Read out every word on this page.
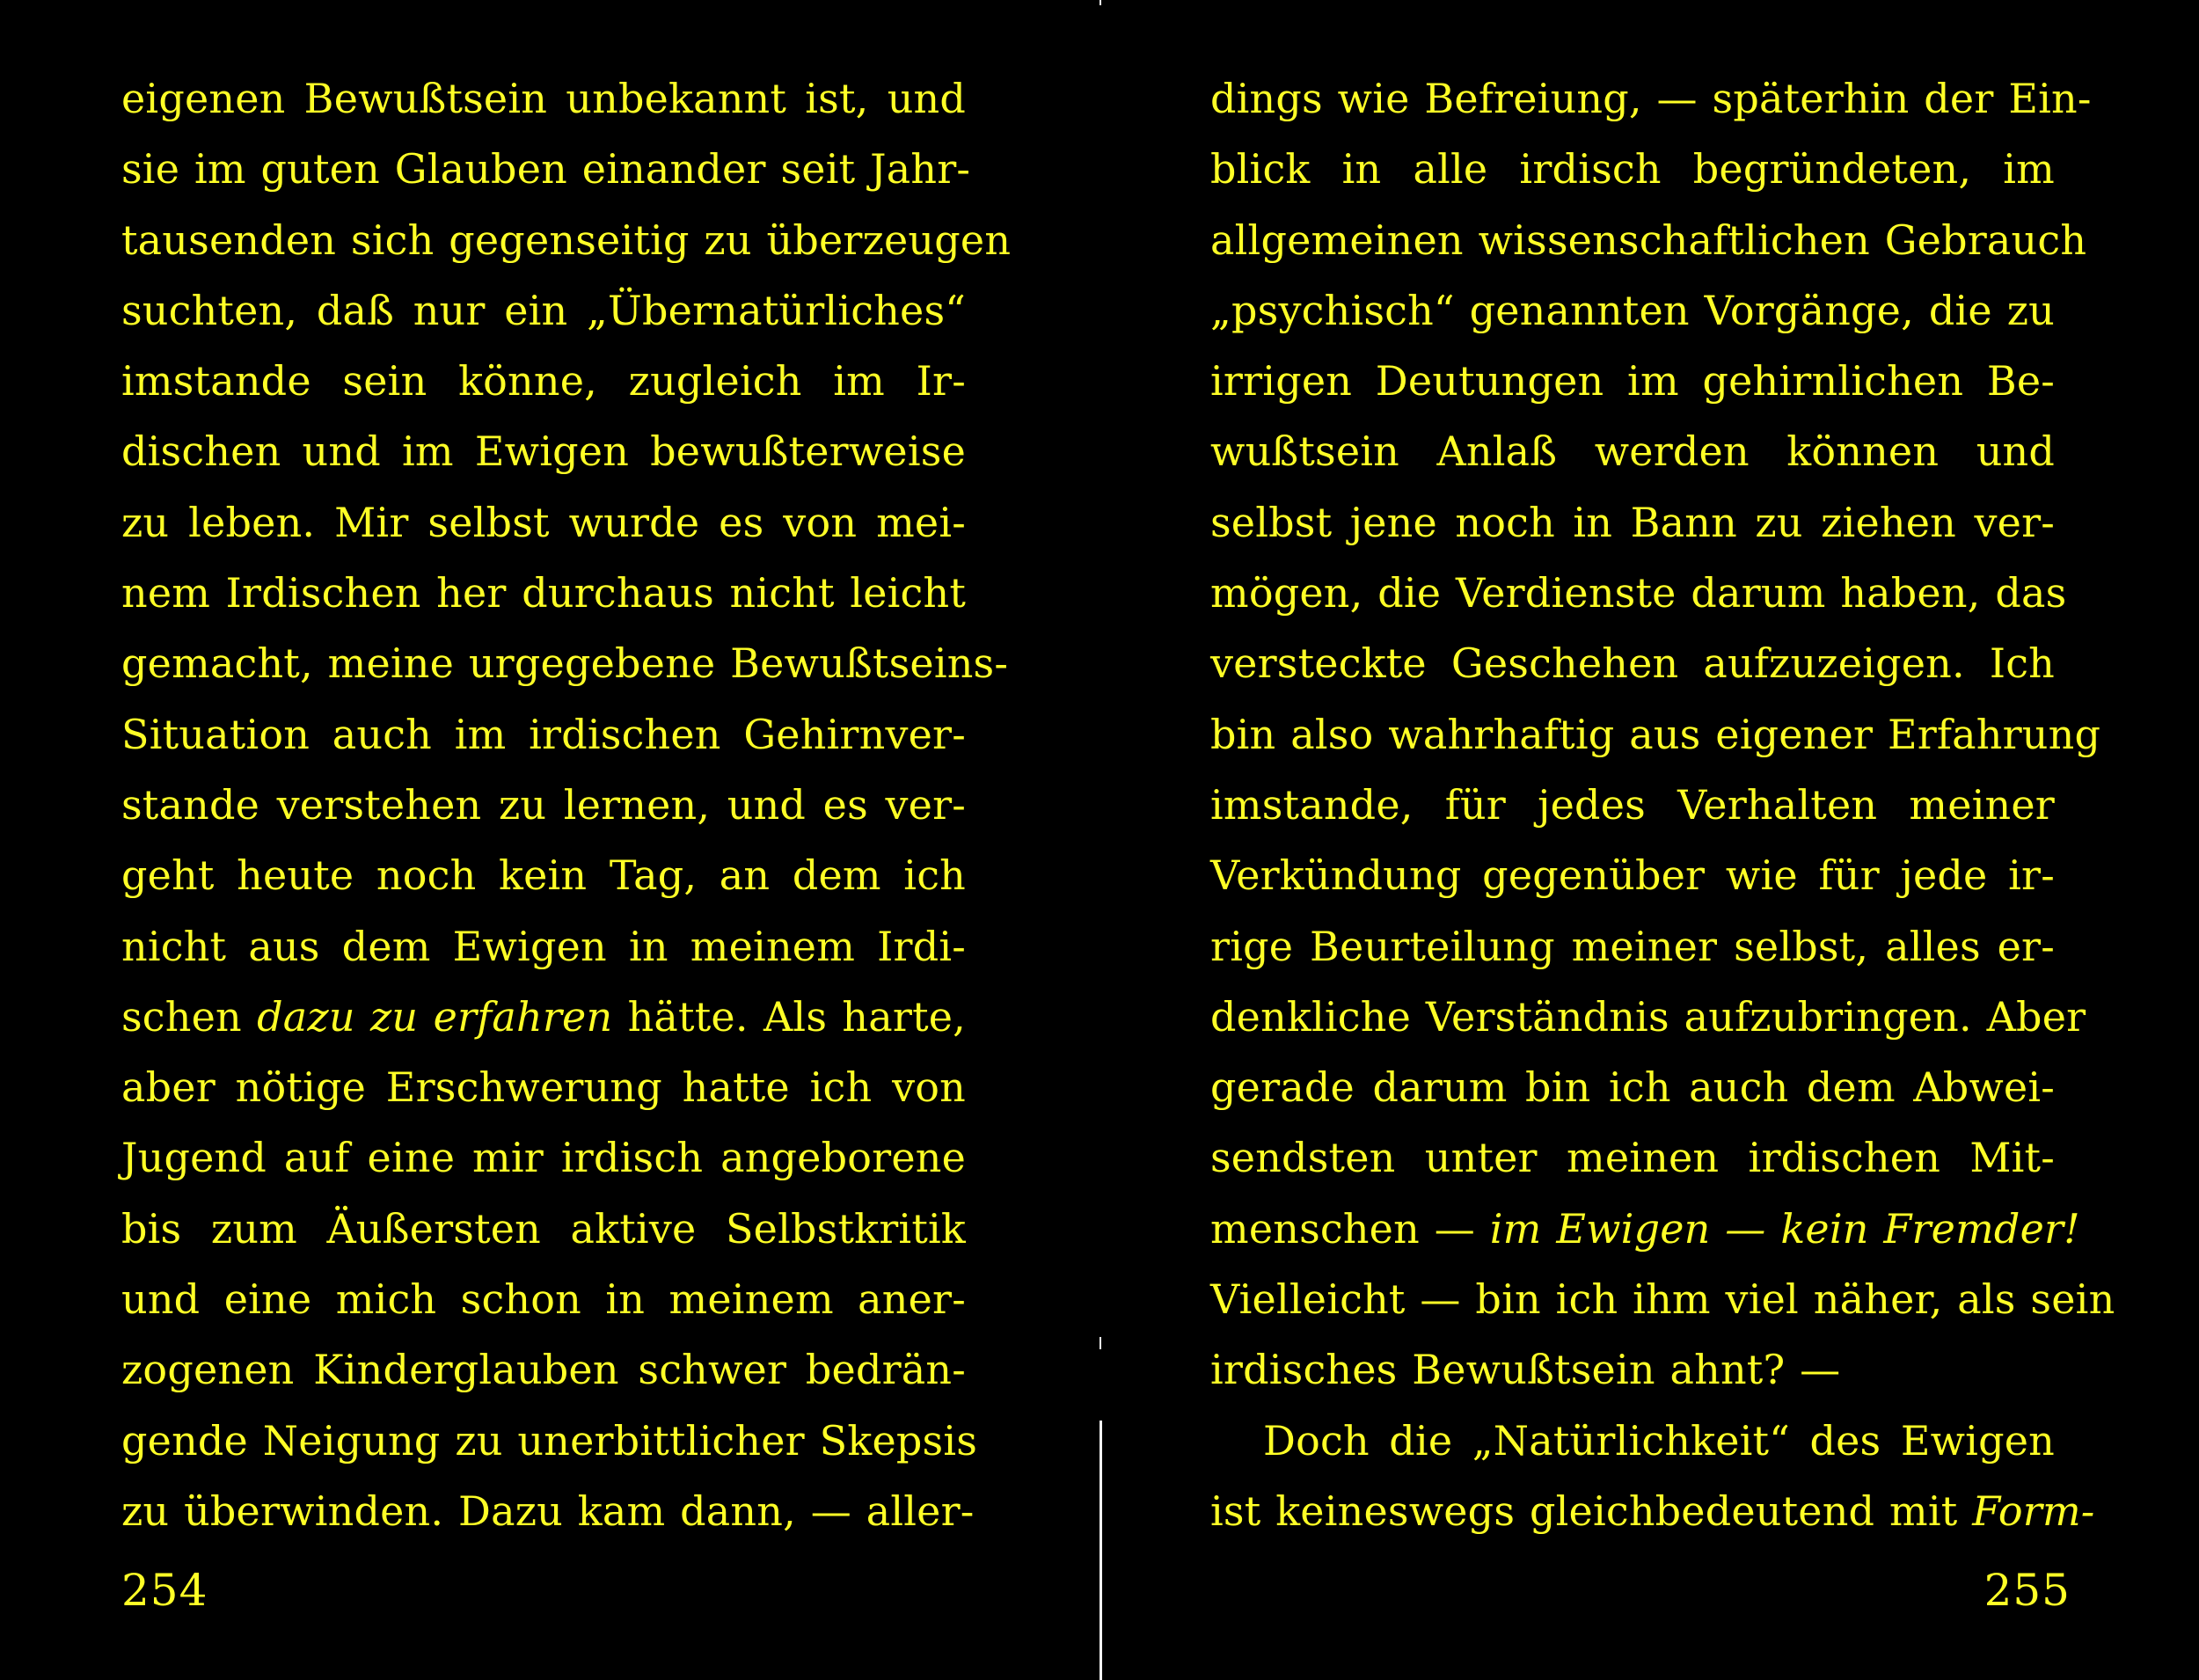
eigenen Bewußtsein unbekannt ist, und
sie im guten Glauben einander seit Jahr-
tausenden sich gegenseitig zu überzeugen
suchten, daß nur ein „Übernatürliches“
imstande sein könne, zugleich im Ir-
dischen und im Ewigen bewußterweise
zu leben. Mir selbst wurde es von mei-
nem Irdischen her durchaus nicht leicht
gemacht, meine urgegebene Bewußtseins-
Situation auch im irdischen Gehirnver-
stande verstehen zu lernen, und es ver-
geht heute noch kein Tag, an dem ich
nicht aus dem Ewigen in meinem Irdi-
schen dazu zu erfahren hätte. Als harte,
aber nötige Erschwerung hatte ich von
Jugend auf eine mir irdisch angeborene
bis zum Äußersten aktive Selbstkritik
und eine mich schon in meinem aner-
zogenen Kinderglauben schwer bedrän-
gende Neigung zu unerbittlicher Skepsis
zu überwinden. Dazu kam dann, — aller-
254
dings wie Befreiung, — späterhin der Ein-
blick in alle irdisch begründeten, im
allgemeinen wissenschaftlichen Gebrauch
„psychisch“ genannten Vorgänge, die zu
irrigen Deutungen im gehirnlichen Be-
wußtsein Anlaß werden können und
selbst jene noch in Bann zu ziehen ver-
mögen, die Verdienste darum haben, das
versteckte Geschehen aufzuzeigen. Ich
bin also wahrhaftig aus eigener Erfahrung
imstande, für jedes Verhalten meiner
Verkündung gegenüber wie für jede ir-
rige Beurteilung meiner selbst, alles er-
denkliche Verständnis aufzubringen. Aber
gerade darum bin ich auch dem Abwei-
sendsten unter meinen irdischen Mit-
menschen — im Ewigen — kein Fremder!
Vielleicht — bin ich ihm viel näher, als sein
irdisches Bewußtsein ahnt? —
Doch die „Natürlichkeit“ des Ewigen
ist keineswegs gleichbedeutend mit Form-
255
